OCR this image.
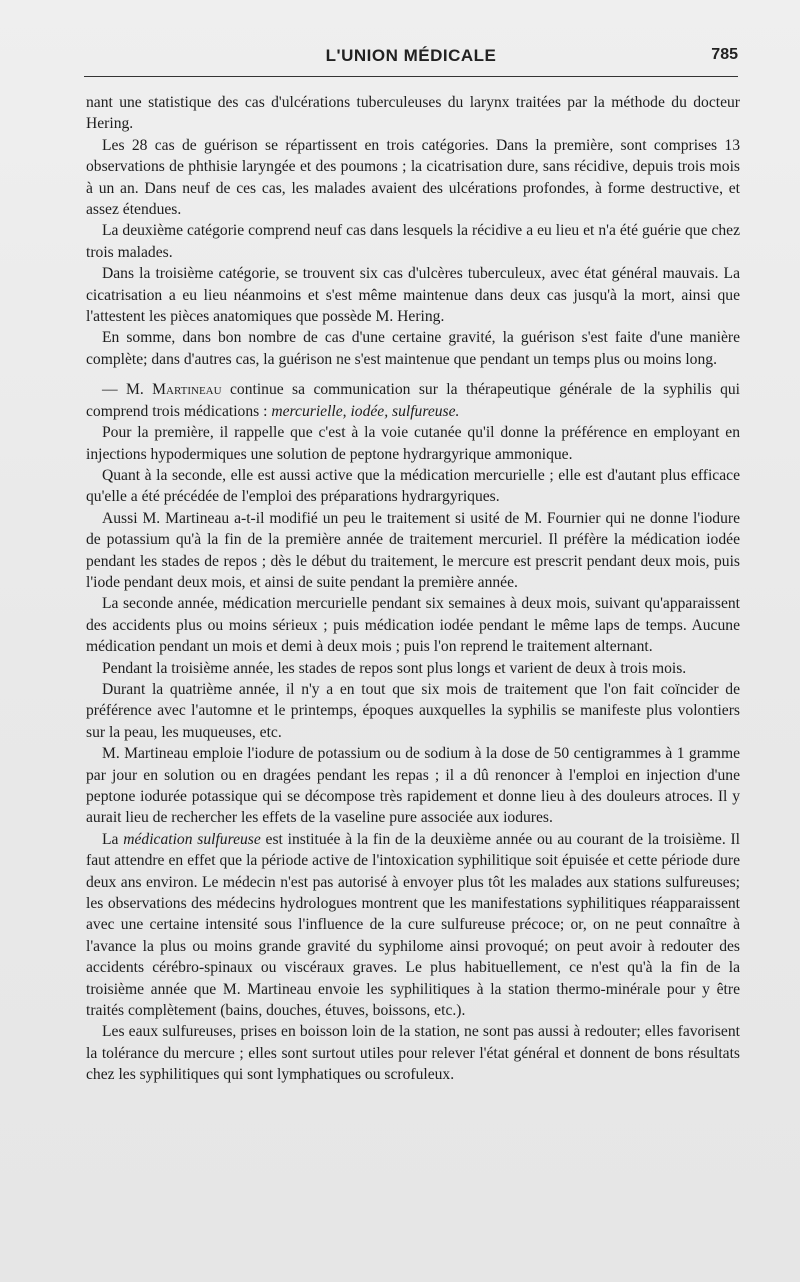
L'UNION MÉDICALE	785

nant une statistique des cas d'ulcérations tuberculeuses du larynx traitées par la méthode du docteur Hering.

Les 28 cas de guérison se répartissent en trois catégories. Dans la première, sont comprises 13 observations de phthisie laryngée et des poumons ; la cicatrisation dure, sans récidive, depuis trois mois à un an. Dans neuf de ces cas, les malades avaient des ulcérations profondes, à forme destructive, et assez étendues.

La deuxième catégorie comprend neuf cas dans lesquels la récidive a eu lieu et n'a été guérie que chez trois malades.

Dans la troisième catégorie, se trouvent six cas d'ulcères tuberculeux, avec état général mauvais. La cicatrisation a eu lieu néanmoins et s'est même maintenue dans deux cas jusqu'à la mort, ainsi que l'attestent les pièces anatomiques que possède M. Hering.

En somme, dans bon nombre de cas d'une certaine gravité, la guérison s'est faite d'une manière complète; dans d'autres cas, la guérison ne s'est maintenue que pendant un temps plus ou moins long.

— M. Martineau continue sa communication sur la thérapeutique générale de la syphilis qui comprend trois médications : mercurielle, iodée, sulfureuse.

Pour la première, il rappelle que c'est à la voie cutanée qu'il donne la préférence en employant en injections hypodermiques une solution de peptone hydrargyrique ammonique.

Quant à la seconde, elle est aussi active que la médication mercurielle ; elle est d'autant plus efficace qu'elle a été précédée de l'emploi des préparations hydrargyriques.

Aussi M. Martineau a-t-il modifié un peu le traitement si usité de M. Fournier qui ne donne l'iodure de potassium qu'à la fin de la première année de traitement mercuriel. Il préfère la médication iodée pendant les stades de repos ; dès le début du traitement, le mercure est prescrit pendant deux mois, puis l'iode pendant deux mois, et ainsi de suite pendant la première année.

La seconde année, médication mercurielle pendant six semaines à deux mois, suivant qu'apparaissent des accidents plus ou moins sérieux ; puis médication iodée pendant le même laps de temps. Aucune médication pendant un mois et demi à deux mois ; puis l'on reprend le traitement alternant.

Pendant la troisième année, les stades de repos sont plus longs et varient de deux à trois mois.

Durant la quatrième année, il n'y a en tout que six mois de traitement que l'on fait coïncider de préférence avec l'automne et le printemps, époques auxquelles la syphilis se manifeste plus volontiers sur la peau, les muqueuses, etc.

M. Martineau emploie l'iodure de potassium ou de sodium à la dose de 50 centigrammes à 1 gramme par jour en solution ou en dragées pendant les repas ; il a dû renoncer à l'emploi en injection d'une peptone iodurée potassique qui se décompose très rapidement et donne lieu à des douleurs atroces. Il y aurait lieu de rechercher les effets de la vaseline pure associée aux iodures.

La médication sulfureuse est instituée à la fin de la deuxième année ou au courant de la troisième. Il faut attendre en effet que la période active de l'intoxication syphilitique soit épuisée et cette période dure deux ans environ. Le médecin n'est pas autorisé à envoyer plus tôt les malades aux stations sulfureuses; les observations des médecins hydrologues montrent que les manifestations syphilitiques réapparaissent avec une certaine intensité sous l'influence de la cure sulfureuse précoce; or, on ne peut connaître à l'avance la plus ou moins grande gravité du syphilome ainsi provoqué; on peut avoir à redouter des accidents cérébro-spinaux ou viscéraux graves. Le plus habituellement, ce n'est qu'à la fin de la troisième année que M. Martineau envoie les syphilitiques à la station thermo-minérale pour y être traités complètement (bains, douches, étuves, boissons, etc.).

Les eaux sulfureuses, prises en boisson loin de la station, ne sont pas aussi à redouter; elles favorisent la tolérance du mercure ; elles sont surtout utiles pour relever l'état général et donnent de bons résultats chez les syphilitiques qui sont lymphatiques ou scrofuleux.
